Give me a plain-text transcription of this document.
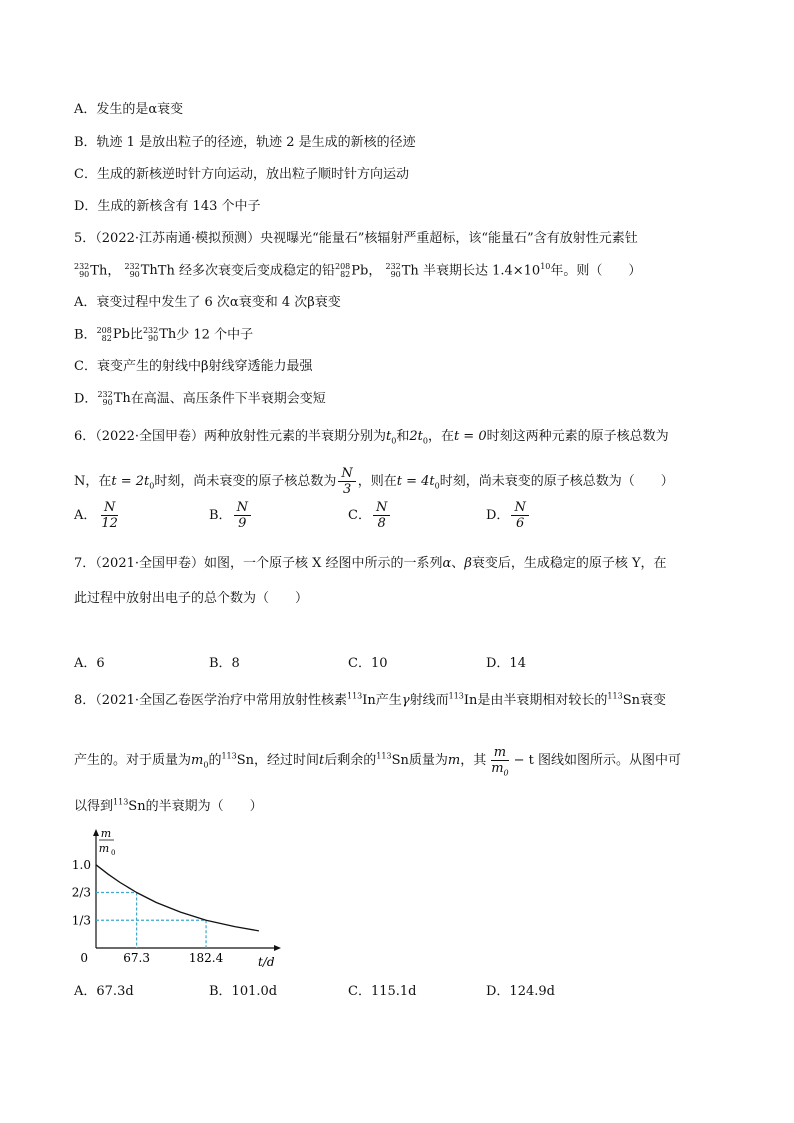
A．发生的是α衰变
B．轨迹 1 是放出粒子的径迹，轨迹 2 是生成的新核的径迹
C．生成的新核逆时针方向运动，放出粒子顺时针方向运动
D．生成的新核含有 143 个中子
5．（2022·江苏南通·模拟预测）央视曝光“能量石”核辐射严重超标，该“能量石”含有放射性元素钍
232
90 Th， 232
90 Th Th 经多次衰变后变成稳定的铅 208
82 Pb， 232
90 Th 半衰期长达 $1.4\times 10^{10}$年。则（　　）
A．衰变过程中发生了 6 次α衰变和 4 次β衰变
B． 208
82 Pb 比 232
90 Th 少 12 个中子
C．衰变产生的射线中β射线穿透能力最强
D． 232
90 Th 在高温、高压条件下半衰期会变短
6．（2022·全国甲卷）两种放射性元素的半衰期分别为$t_0$和$2t_0$，在t = 0时刻这两种元素的原子核总数为
N，在$t = 2t_0$时刻，尚未衰变的原子核总数为 $\frac{N}{3}$ ，则在$t = 4t_0$时刻，尚未衰变的原子核总数为（　　）
A． $\frac{N}{12}$	B． $\frac{N}{9}$	C． $\frac{N}{8}$	D． $\frac{N}{6}$
7．（2021·全国甲卷）如图，一个原子核 X 经图中所示的一系列α、β衰变后，生成稳定的原子核 Y，在
此过程中放射出电子的总个数为（　　）
A．6	B．8	C．10	D．14
8．（2021·全国乙卷医学治疗中常用放射性核素$^{113}$In产生γ射线而$^{113}$In是由半衰期相对较长的$^{113}$Sn衰变
产生的。对于质量为$m_0$的$^{113}$Sn，经过时间t后剩余的$^{113}$Sn质量为m，其 $\frac{m}{m_0} - t$ 图线如图所示。从图中可
以得到$^{113}$Sn的半衰期为（　　）
m
m 0
t/d
0
1.0
2/3
1/3
67.3	182.4
A．67.3d	B．101.0d	C．115.1d	D．124.9d
